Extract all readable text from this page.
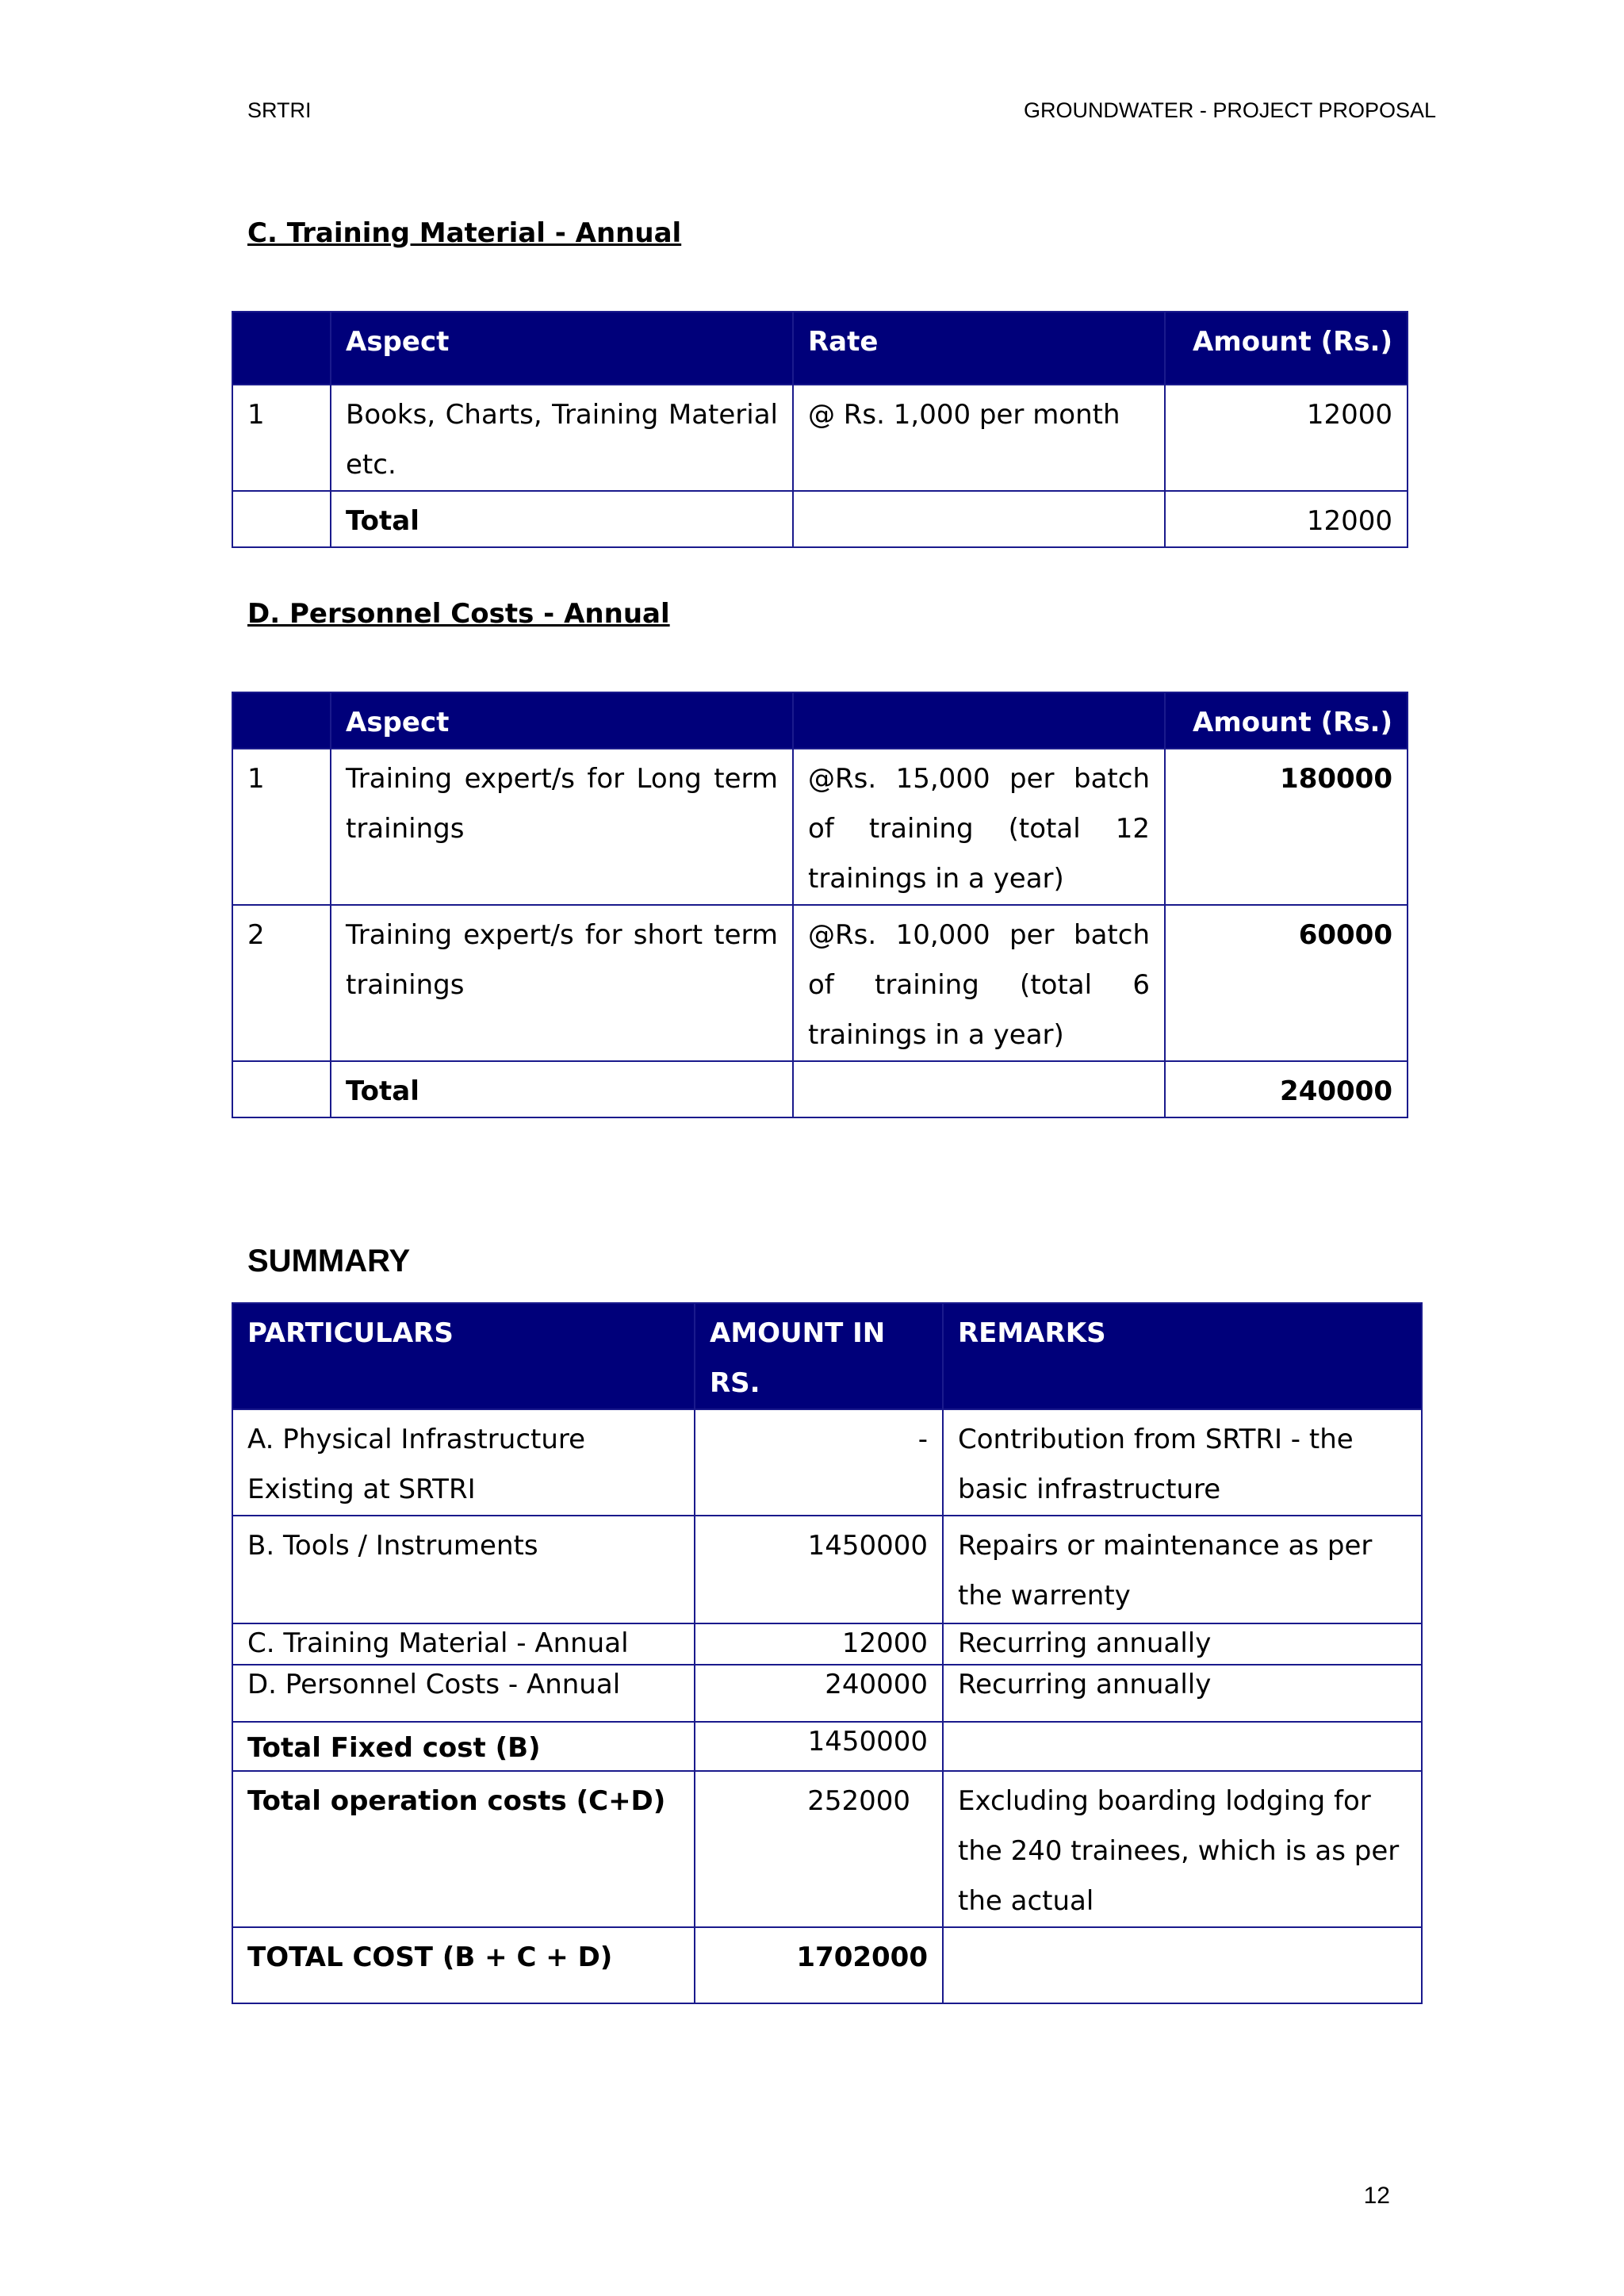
SRTRI	GROUNDWATER - PROJECT PROPOSAL
C. Training Material - Annual
	Aspect	Rate	Amount (Rs.)
1	Books, Charts, Training Material etc.	@ Rs. 1,000 per month	12000
	Total		12000
D. Personnel Costs - Annual
	Aspect		Amount (Rs.)
1	Training expert/s for Long term trainings	@Rs. 15,000 per batch of training (total 12 trainings in a year)	180000
2	Training expert/s for short term trainings	@Rs. 10,000 per batch of training (total 6 trainings in a year)	60000
	Total		240000
SUMMARY
PARTICULARS	AMOUNT IN RS.	REMARKS
A. Physical Infrastructure Existing at SRTRI	-	Contribution from SRTRI - the basic infrastructure
B. Tools / Instruments	1450000	Repairs or maintenance as per the warrenty
C. Training Material - Annual	12000	Recurring annually
D. Personnel Costs - Annual	240000	Recurring annually
Total Fixed cost (B)	1450000	
Total operation costs (C+D)	252000	Excluding boarding lodging for the 240 trainees, which is as per the actual
TOTAL COST (B + C + D)	1702000	
12
